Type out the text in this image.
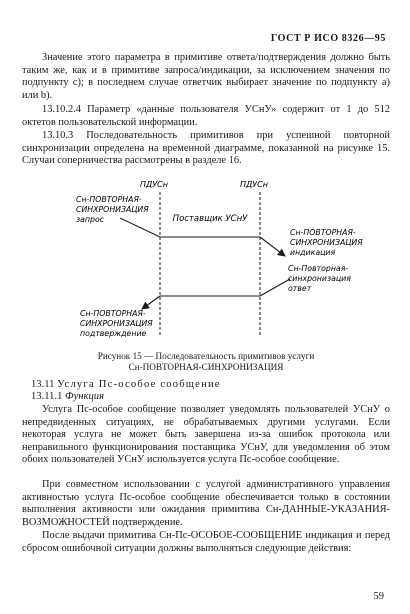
ГОСТ Р ИСО 8326—95
Значение этого параметра в примитиве ответа/подтверждения должно быть таким же, как и в примитиве запроса/индикации, за исключением значения по подпункту c); в последнем случае ответчик выбирает значение по подпункту а) или b).
13.10.2.4 Параметр «данные пользователя УСнУ» содержит от 1 до 512 октетов пользовательской информации.
13.10.3 Последовательность примитивов при успешной повторной синхронизации определена на временной диаграмме, показанной на рисунке 15. Случаи соперничества рассмотрены в разделе 16.
ПДУСн	ПДУСн
Поставщик УСнУ
Сн-ПОВТОРНАЯ- СИНХРОНИЗАЦИЯ запрос
Сн-ПОВТОРНАЯ- СИНХРОНИЗАЦИЯ индикация
Сн-Повторная- синхронизация ответ
Сн-ПОВТОРНАЯ- СИНХРОНИЗАЦИЯ подтверждение
Рисунок 15 — Последовательность примитивов услуги
Сн-ПОВТОРНАЯ-СИНХРОНИЗАЦИЯ
13.11 Услуга Пс-особое сообщение
13.11.1 Функция
Услуга Пс-особое сообщение позволяет уведомлять пользователей УСнУ о непредвиденных ситуациях, не обрабатываемых другими услугами. Если некоторая услуга не может быть завершена из-за ошибок протокола или неправильного функционирования поставщика УСнУ, для уведомления об этом обоих пользователей УСнУ используется услуга Пс-особое сообщение.
При совместном использовании с услугой административного управления активностью услуга Пс-особое сообщение обеспечивается только в состоянии выполнения активности или ожидания примитива Сн-ДАННЫЕ-УКАЗАНИЯ-ВОЗМОЖНОСТЕЙ подтверждение.
После выдачи примитива Сн-Пс-ОСОБОЕ-СООБЩЕНИЕ индикация и перед сбросом ошибочной ситуации должны выполняться следующие действия:
59
